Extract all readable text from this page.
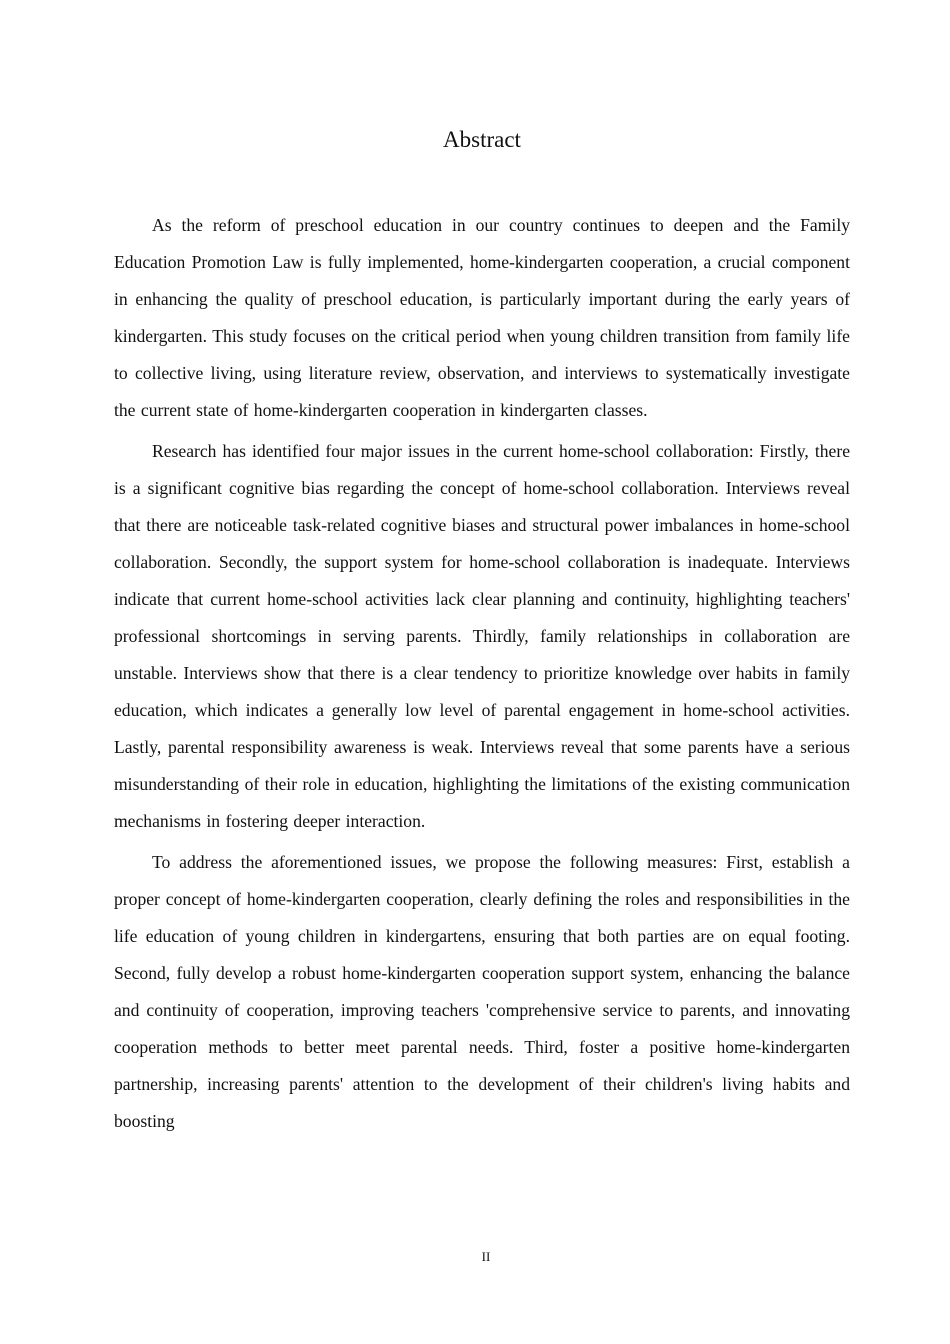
Abstract

As the reform of preschool education in our country continues to deepen and the Family Education Promotion Law is fully implemented, home-kindergarten cooperation, a crucial component in enhancing the quality of preschool education, is particularly important during the early years of kindergarten. This study focuses on the critical period when young children transition from family life to collective living, using literature review, observation, and interviews to systematically investigate the current state of home-kindergarten cooperation in kindergarten classes.

Research has identified four major issues in the current home-school collaboration: Firstly, there is a significant cognitive bias regarding the concept of home-school collaboration. Interviews reveal that there are noticeable task-related cognitive biases and structural power imbalances in home-school collaboration. Secondly, the support system for home-school collaboration is inadequate. Interviews indicate that current home-school activities lack clear planning and continuity, highlighting teachers' professional shortcomings in serving parents. Thirdly, family relationships in collaboration are unstable. Interviews show that there is a clear tendency to prioritize knowledge over habits in family education, which indicates a generally low level of parental engagement in home-school activities. Lastly, parental responsibility awareness is weak. Interviews reveal that some parents have a serious misunderstanding of their role in education, highlighting the limitations of the existing communication mechanisms in fostering deeper interaction.

To address the aforementioned issues, we propose the following measures: First, establish a proper concept of home-kindergarten cooperation, clearly defining the roles and responsibilities in the life education of young children in kindergartens, ensuring that both parties are on equal footing. Second, fully develop a robust home-kindergarten cooperation support system, enhancing the balance and continuity of cooperation, improving teachers 'comprehensive service to parents, and innovating cooperation methods to better meet parental needs. Third, foster a positive home-kindergarten partnership, increasing parents' attention to the development of their children's living habits and boosting

II
